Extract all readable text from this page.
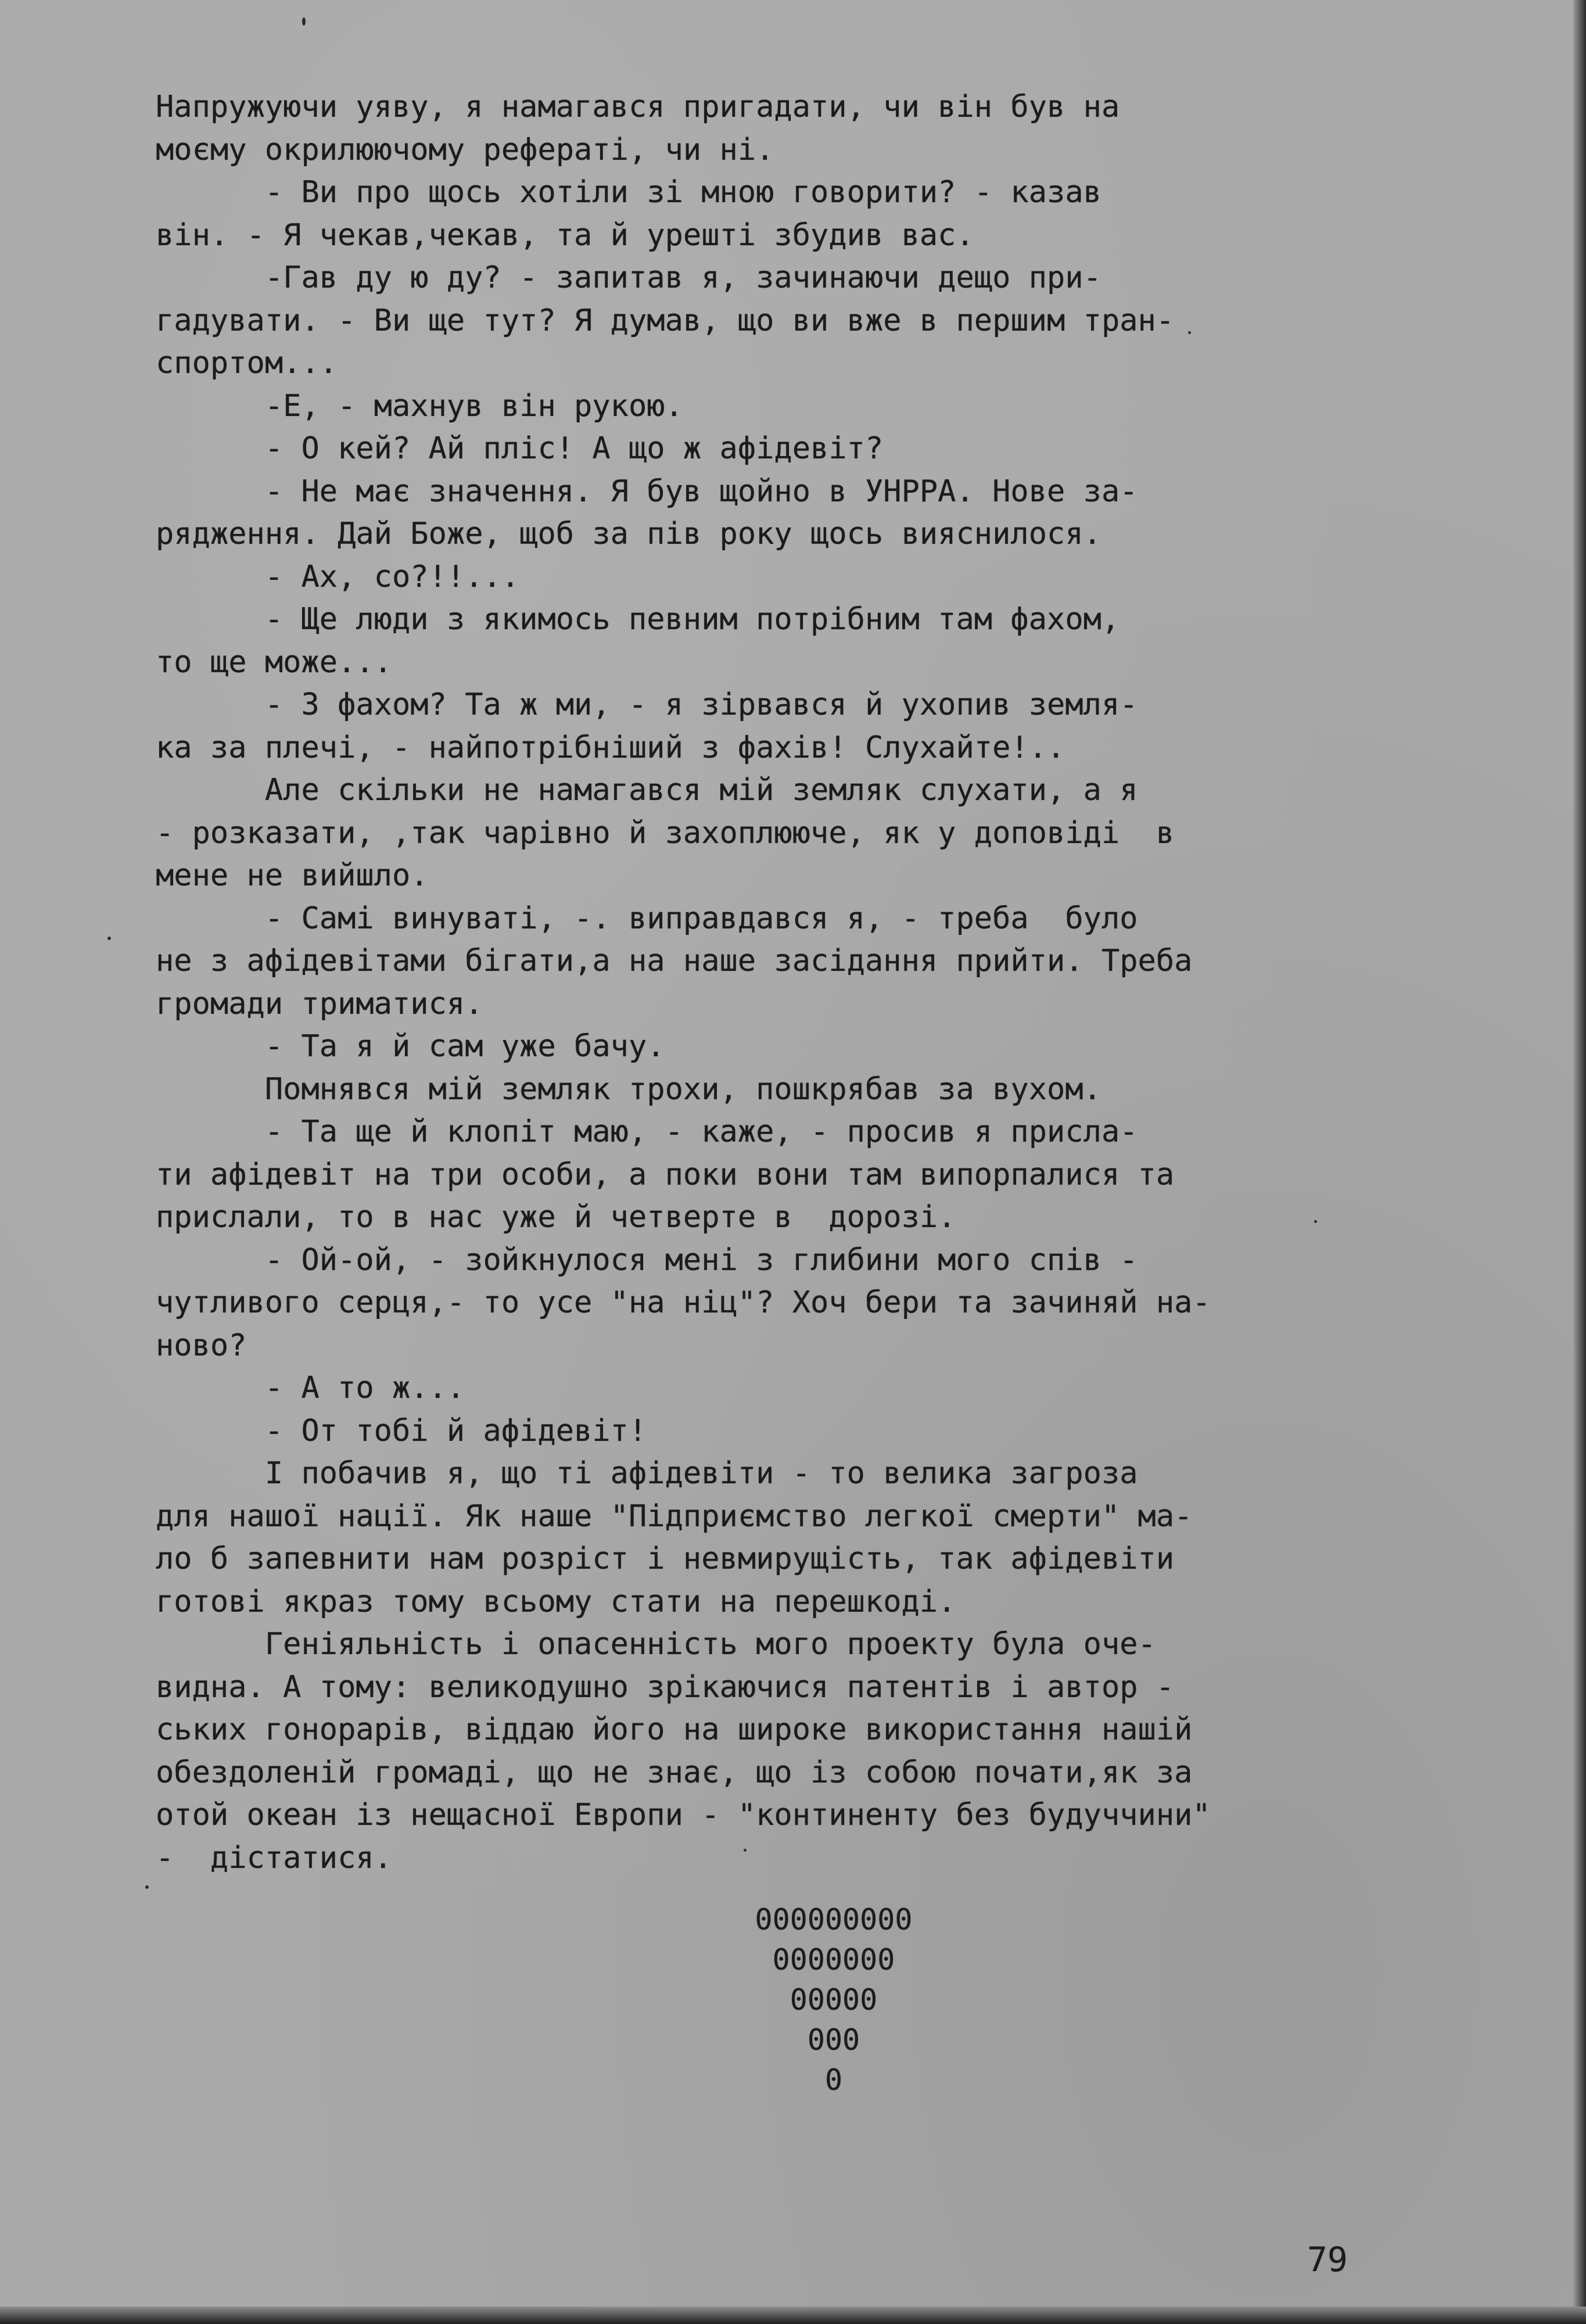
Напружуючи уяву, я намагався пригадати, чи він був на
моєму окрилюючому рефераті, чи ні.
- Ви про щось хотіли зі мною говорити? - казав
він. - Я чекав,чекав, та й урешті збудив вас.
-Гав ду ю ду? - запитав я, зачинаючи дещо при-
гадувати. - Ви ще тут? Я думав, що ви вже в першим тран-
спортом...
-Е, - махнув він рукою.
- О кей? Ай пліс! А що ж афідевіт?
- Не має значення. Я був щойно в УНРРА. Нове за-
рядження. Дай Боже, щоб за пів року щось вияснилося.
- Ах, со?!!...
- Ще люди з якимось певним потрібним там фахом,
то ще може...
- З фахом? Та ж ми, - я зірвався й ухопив земля-
ка за плечі, - найпотрібніший з фахів! Слухайте!..
Але скільки не намагався мій земляк слухати, а я
- розказати, ,так чарівно й захоплююче, як у доповіді  в
мене не вийшло.
- Самі винуваті, -. виправдався я, - треба  було
не з афідевітами бігати,а на наше засідання прийти. Треба
громади триматися.
- Та я й сам уже бачу.
Помнявся мій земляк трохи, пошкрябав за вухом.
- Та ще й клопіт маю, - каже, - просив я присла-
ти афідевіт на три особи, а поки вони там випорпалися та
прислали, то в нас уже й четверте в  дорозі.
- Ой-ой, - зойкнулося мені з глибини мого спів -
чутливого серця,- то усе "на ніц"? Хоч бери та зачиняй на-
ново?
- А то ж...
- От тобі й афідевіт!
І побачив я, що ті афідевіти - то велика загроза
для нашої нації. Як наше "Підприємство легкої смерти" ма-
ло б запевнити нам розріст і невмирущість, так афідевіти
готові якраз тому всьому стати на перешкоді.
Геніяльність і опасенність мого проекту була оче-
видна. А тому: великодушно зрікаючися патентів і автор -
ських гонорарів, віддаю його на широке використання нашій
обездоленій громаді, що не знає, що із собою почати,як за
отой океан із нещасної Европи - "континенту без будуччини"
-  дістатися.
000000000
0000000
00000
000
0
79
